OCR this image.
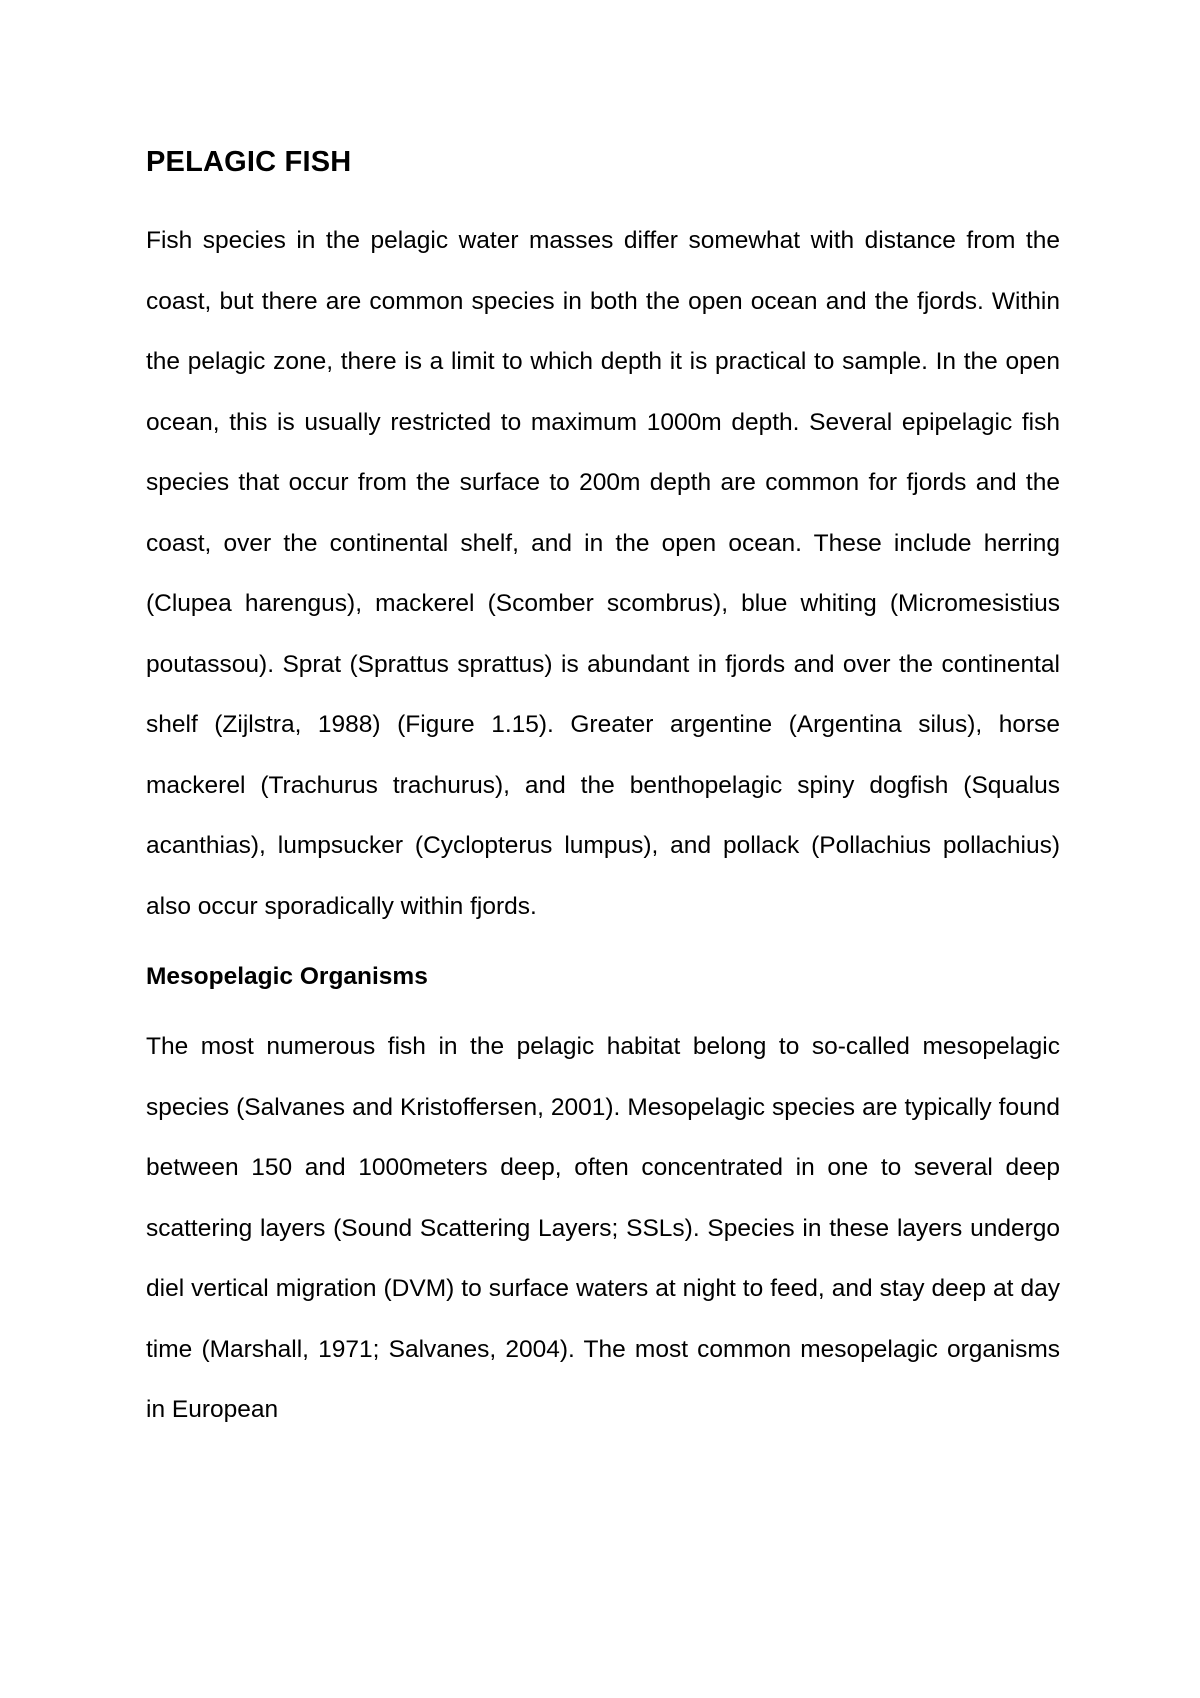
PELAGIC FISH

Fish species in the pelagic water masses differ somewhat with distance from the coast, but there are common species in both the open ocean and the fjords. Within the pelagic zone, there is a limit to which depth it is practical to sample. In the open ocean, this is usually restricted to maximum 1000m depth. Several epipelagic fish species that occur from the surface to 200m depth are common for fjords and the coast, over the continental shelf, and in the open ocean. These include herring (Clupea harengus), mackerel (Scomber scombrus), blue whiting (Micromesistius poutassou). Sprat (Sprattus sprattus) is abundant in fjords and over the continental shelf (Zijlstra, 1988) (Figure 1.15). Greater argentine (Argentina silus), horse mackerel (Trachurus trachurus), and the benthopelagic spiny dogfish (Squalus acanthias), lumpsucker (Cyclopterus lumpus), and pollack (Pollachius pollachius) also occur sporadically within fjords.

Mesopelagic Organisms

The most numerous fish in the pelagic habitat belong to so-called mesopelagic species (Salvanes and Kristoffersen, 2001). Mesopelagic species are typically found between 150 and 1000meters deep, often concentrated in one to several deep scattering layers (Sound Scattering Layers; SSLs). Species in these layers undergo diel vertical migration (DVM) to surface waters at night to feed, and stay deep at day time (Marshall, 1971; Salvanes, 2004). The most common mesopelagic organisms in European
